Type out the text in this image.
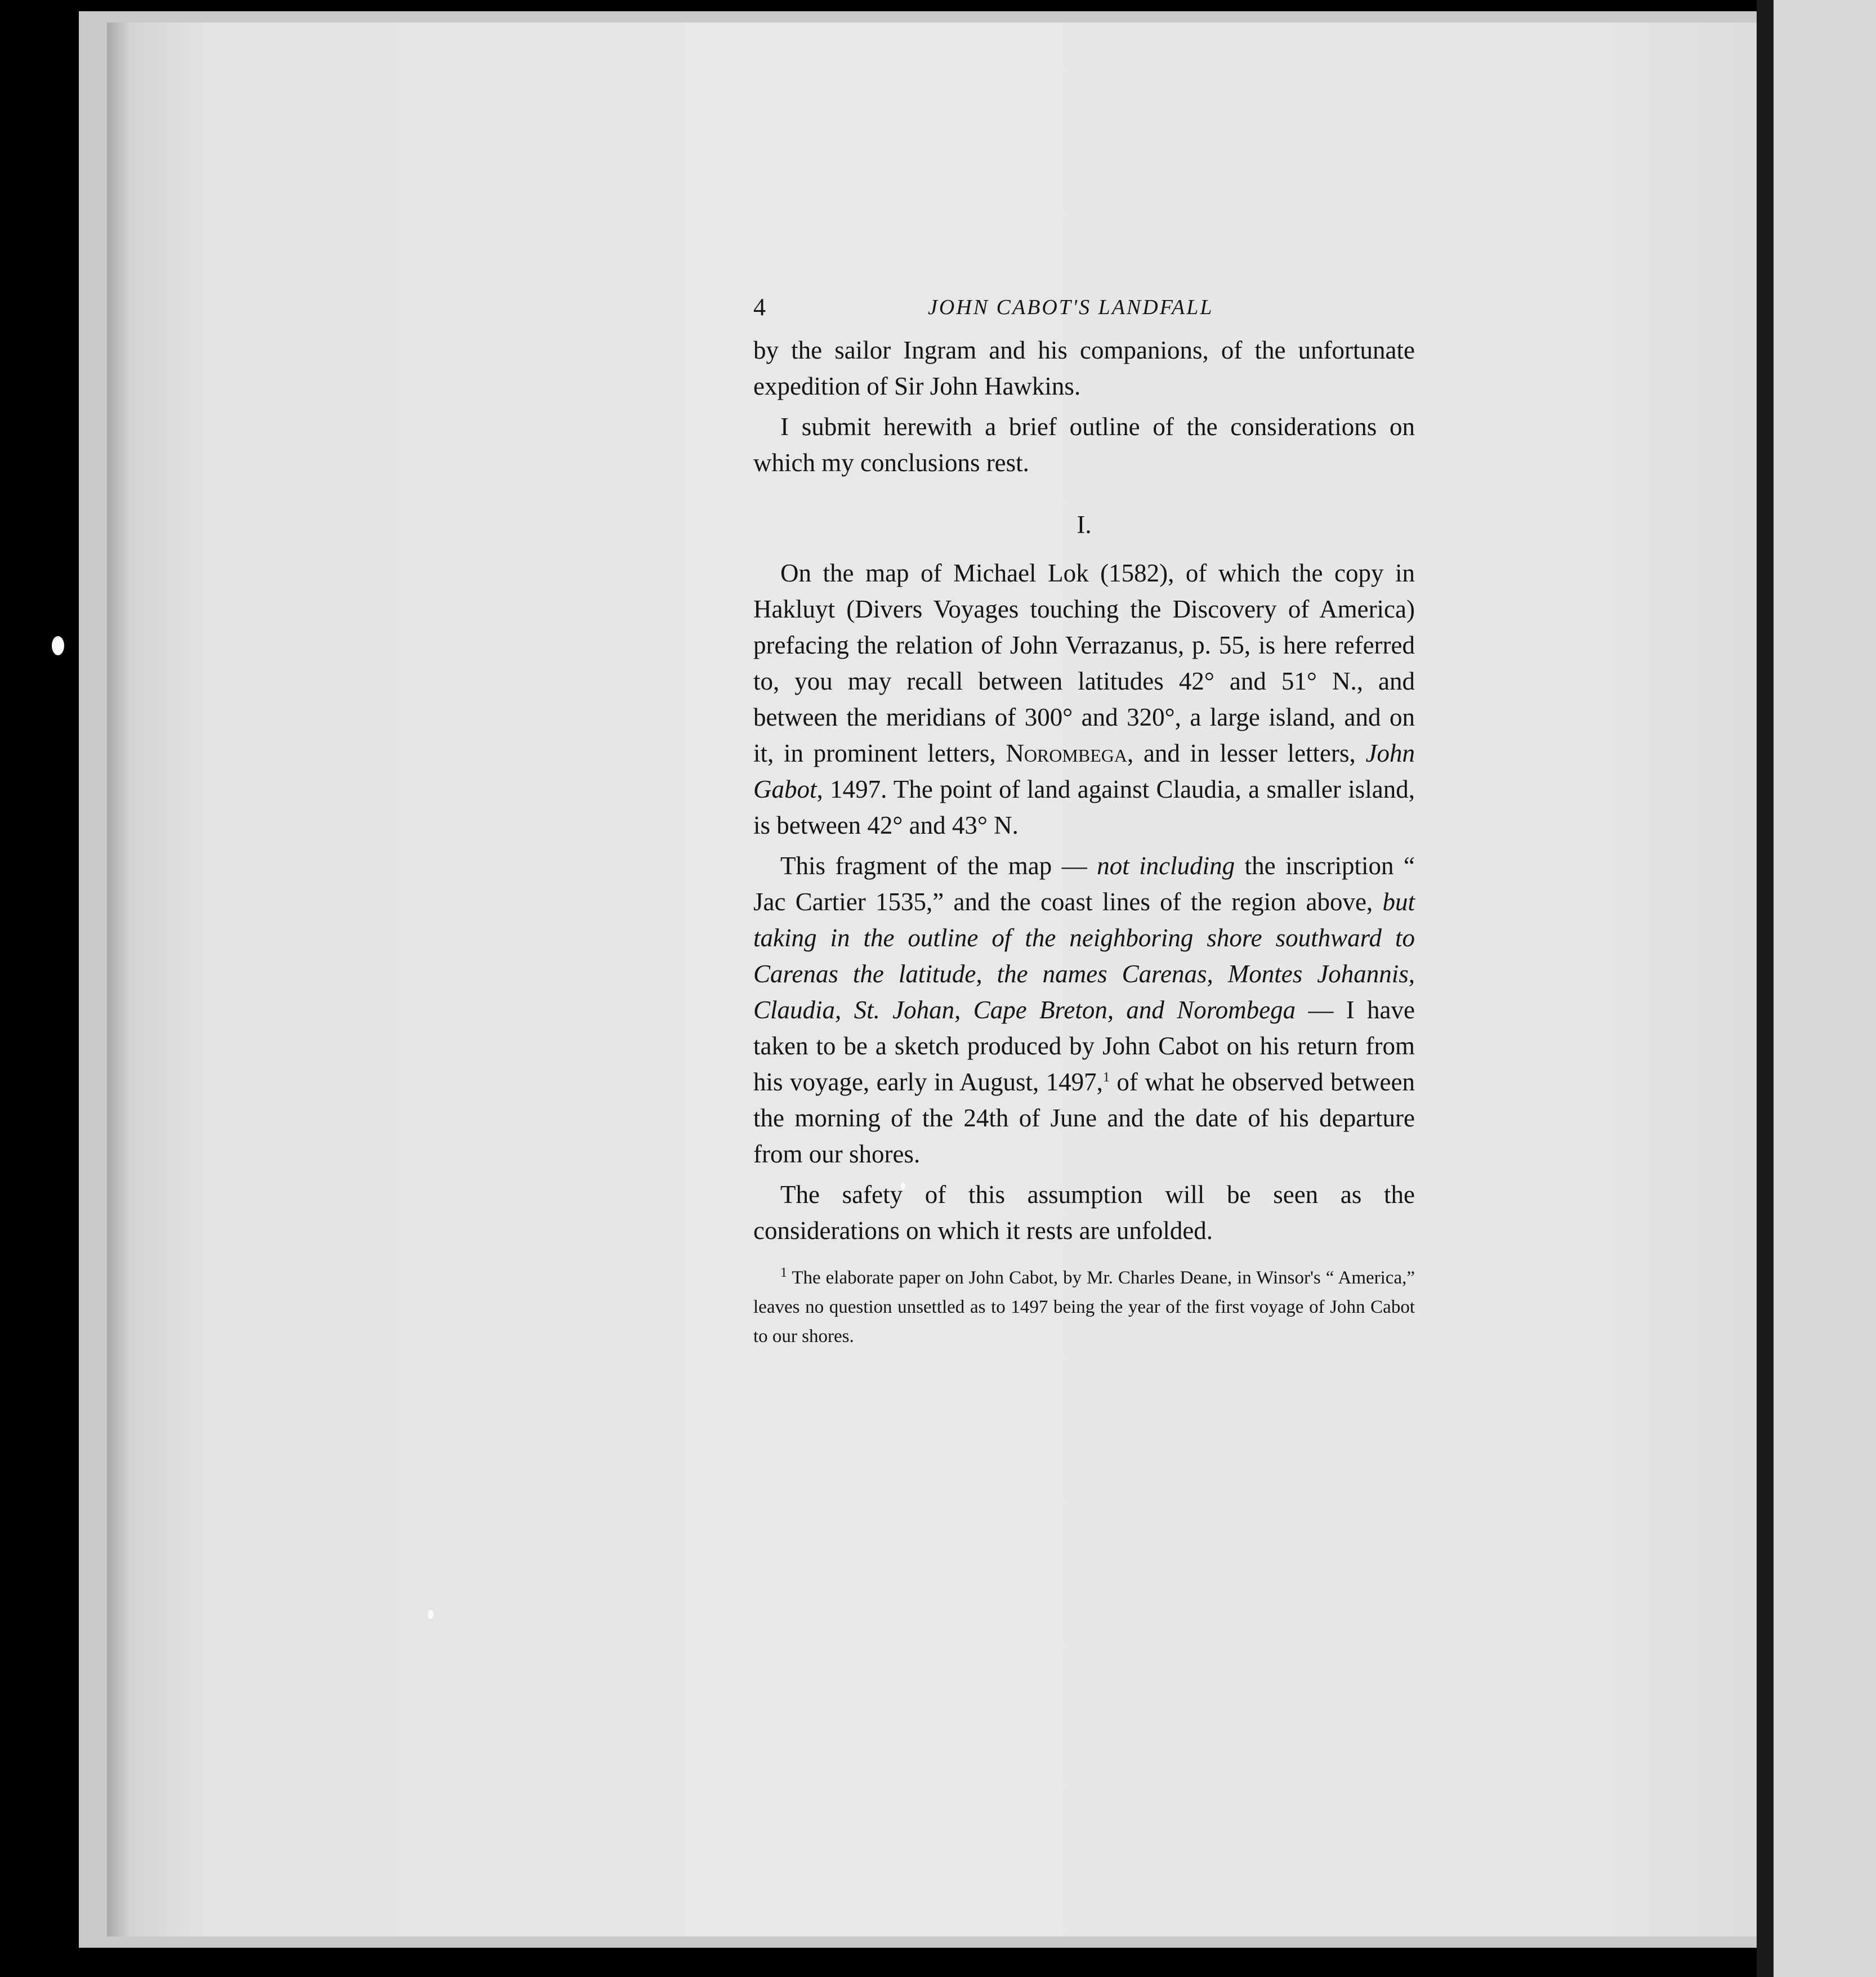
4	JOHN CABOT'S LANDFALL

by the sailor Ingram and his companions, of the unfortunate expedition of Sir John Hawkins.

I submit herewith a brief outline of the considerations on which my conclusions rest.

I.

On the map of Michael Lok (1582), of which the copy in Hakluyt (Divers Voyages touching the Discovery of America) prefacing the relation of John Verrazanus, p. 55, is here referred to, you may recall between latitudes 42° and 51° N., and between the meridians of 300° and 320°, a large island, and on it, in prominent letters, Norombega, and in lesser letters, John Gabot, 1497. The point of land against Claudia, a smaller island, is between 42° and 43° N.

This fragment of the map — not including the inscription “ Jac Cartier 1535,” and the coast lines of the region above, but taking in the outline of the neighboring shore southward to Carenas the latitude, the names Carenas, Montes Johannis, Claudia, St. Johan, Cape Breton, and Norombega — I have taken to be a sketch produced by John Cabot on his return from his voyage, early in August, 1497,$^1$ of what he observed between the morning of the 24th of June and the date of his departure from our shores.

The safety of this assumption will be seen as the considerations on which it rests are unfolded.

$^1$ The elaborate paper on John Cabot, by Mr. Charles Deane, in Winsor's “ America,” leaves no question unsettled as to 1497 being the year of the first voyage of John Cabot to our shores.
